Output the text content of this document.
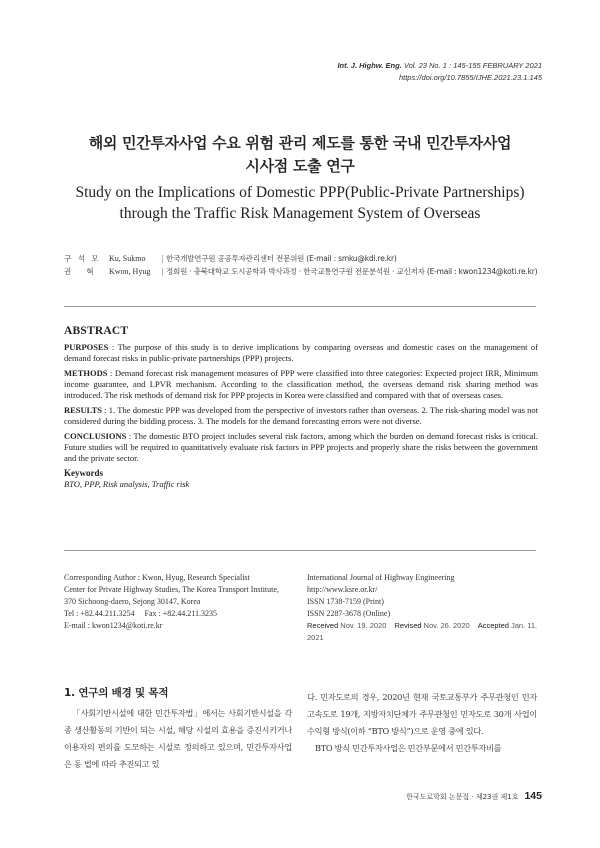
Int. J. Highw. Eng. Vol. 23 No. 1 : 145-155 FEBRUARY 2021
https://doi.org/10.7855/IJHE.2021.23.1.145
해외 민간투자사업 수요 위험 관리 제도를 통한 국내 민간투자사업
시사점 도출 연구
Study on the Implications of Domestic PPP(Public-Private Partnerships)
through the Traffic Risk Management System of Overseas
구 석 모	Ku, Sukmo	| 한국개발연구원 공공투자관리센터 전문위원 (E-mail : smku@kdi.re.kr)
권   혁	Kwon, Hyug	| 정회원 · 충북대학교 도시공학과 박사과정 · 한국교통연구원 전문분석원 · 교신저자 (E-mail : kwon1234@koti.re.kr)
ABSTRACT

PURPOSES : The purpose of this study is to derive implications by comparing overseas and domestic cases on the management of demand forecast risks in public-private partnerships (PPP) projects.

METHODS : Demand forecast risk management measures of PPP were classified into three categories: Expected project IRR, Minimum income guarantee, and LPVR mechanism. According to the classification method, the overseas demand risk sharing method was introduced. The risk methods of demand risk for PPP projects in Korea were classified and compared with that of overseas cases.

RESULTS : 1. The domestic PPP was developed from the perspective of investors rather than overseas. 2. The risk-sharing model was not considered during the bidding process. 3. The models for the demand forecasting errors were not diverse.

CONCLUSIONS : The domestic BTO project includes several risk factors, among which the burden on demand forecast risks is critical. Future studies will be required to quantitatively evaluate risk factors in PPP projects and properly share the risks between the government and the private sector.

Keywords
BTO, PPP, Risk analysis, Traffic risk
Corresponding Author : Kwon, Hyug, Research Specialist
Center for Private Highway Studies, The Korea Transport Institute,
370 Sichoong-daero, Sejong 30147, Korea
Tel : +82.44.211.3254     Fax : +82.44.211.3235
E-mail : kwon1234@koti.re.kr
International Journal of Highway Engineering
http://www.ksre.or.kr/
ISSN 1738-7159 (Print)
ISSN 2287-3678 (Online)
Received Nov. 19. 2020 Revised Nov. 26. 2020 Accepted Jan. 11. 2021
1. 연구의 배경 및 목적

「사회기반시설에 대한 민간투자법」에서는 사회기반시설을 각종 생산활동의 기반이 되는 시설, 해당 시설의 효용을 증진시키거나 이용자의 편의를 도모하는 시설로 정의하고 있으며, 민간투자사업은 동 법에 따라 추진되고 있

다. 민자도로의 경우, 2020년 현재 국토교통부가 주무관청인 민자고속도로 19개, 지방자치단체가 주무관청인 민자도로 30개 사업이 수익형 방식(이하 “BTO 방식”)으로 운영 중에 있다.

BTO 방식 민간투자사업은 민간부문에서 민간투자비를

한국도로학회 논문집 · 제23권 제1호 145
